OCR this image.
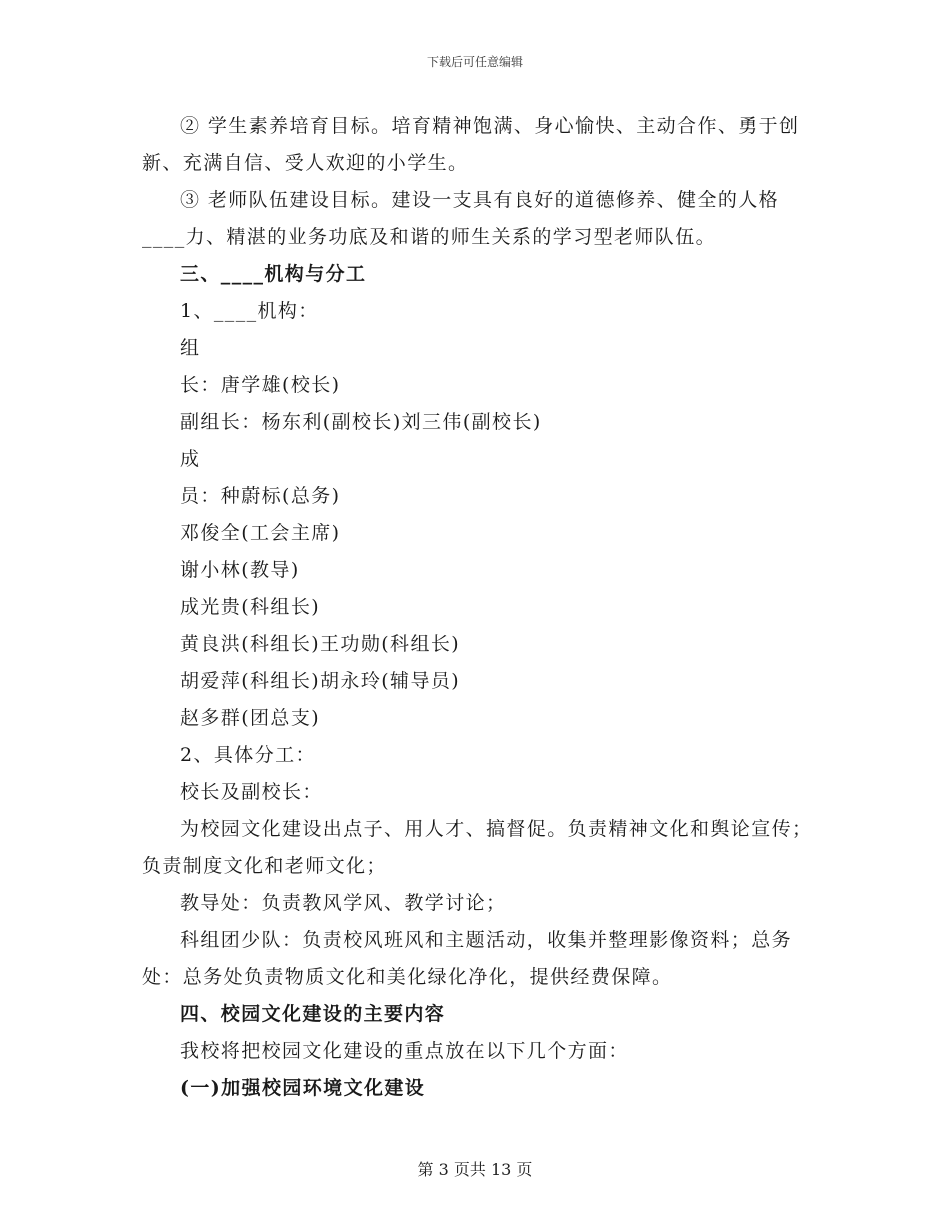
下载后可任意编辑

② 学生素养培育目标。培育精神饱满、身心愉快、主动合作、勇于创新、充满自信、受人欢迎的小学生。

③ 老师队伍建设目标。建设一支具有良好的道德修养、健全的人格____力、精湛的业务功底及和谐的师生关系的学习型老师队伍。

三、____机构与分工

1、____机构：

组

长：唐学雄(校长)

副组长：杨东利(副校长)刘三伟(副校长)

成

员：种蔚标(总务)

邓俊全(工会主席)

谢小林(教导)

成光贵(科组长)

黄良洪(科组长)王功勋(科组长)

胡爱萍(科组长)胡永玲(辅导员)

赵多群(团总支)

2、具体分工：

校长及副校长：

为校园文化建设出点子、用人才、搞督促。负责精神文化和舆论宣传；负责制度文化和老师文化；

教导处：负责教风学风、教学讨论；

科组团少队：负责校风班风和主题活动，收集并整理影像资料；总务处：总务处负责物质文化和美化绿化净化，提供经费保障。

四、校园文化建设的主要内容

我校将把校园文化建设的重点放在以下几个方面：

(一)加强校园环境文化建设

第 3 页共 13 页
